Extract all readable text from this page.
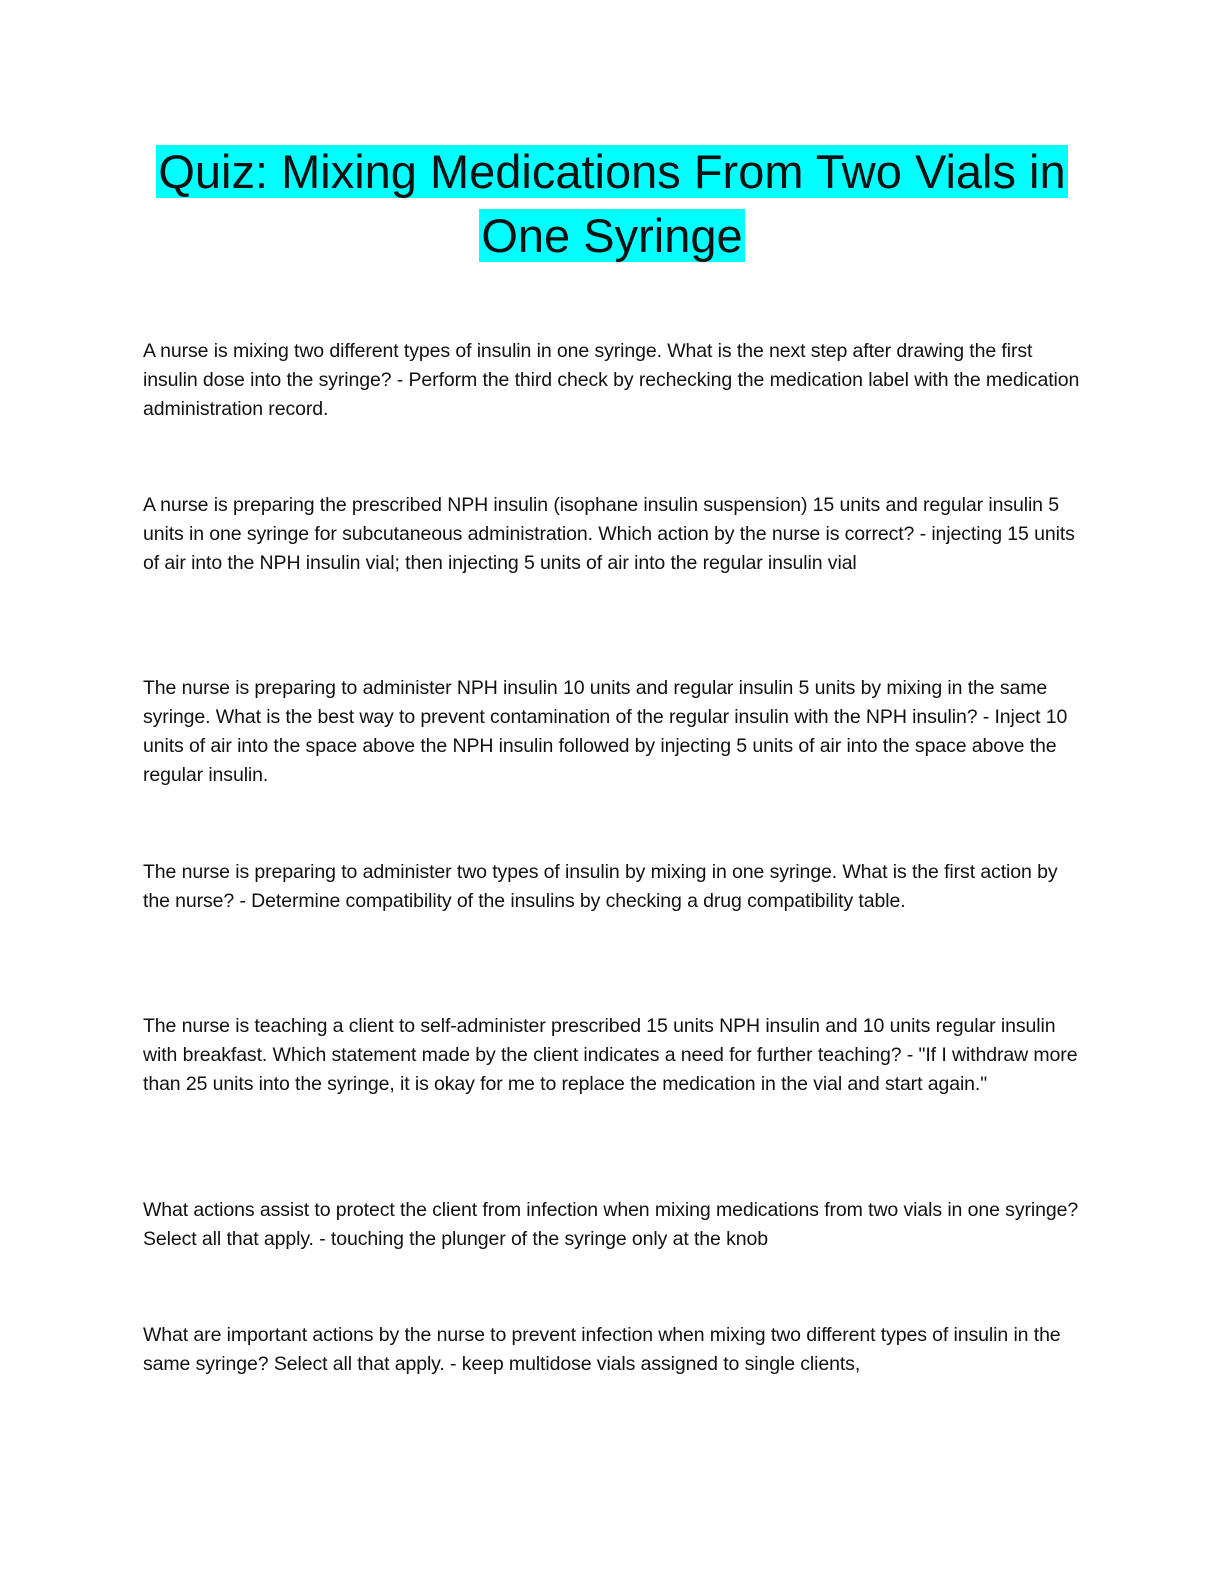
Quiz: Mixing Medications From Two Vials in
One Syringe

A nurse is mixing two different types of insulin in one syringe. What is the next step after drawing the first insulin dose into the syringe? - Perform the third check by rechecking the medication label with the medication administration record.

A nurse is preparing the prescribed NPH insulin (isophane insulin suspension) 15 units and regular insulin 5 units in one syringe for subcutaneous administration. Which action by the nurse is correct? - injecting 15 units of air into the NPH insulin vial; then injecting 5 units of air into the regular insulin vial

The nurse is preparing to administer NPH insulin 10 units and regular insulin 5 units by mixing in the same syringe. What is the best way to prevent contamination of the regular insulin with the NPH insulin? - Inject 10 units of air into the space above the NPH insulin followed by injecting 5 units of air into the space above the regular insulin.

The nurse is preparing to administer two types of insulin by mixing in one syringe. What is the first action by the nurse? - Determine compatibility of the insulins by checking a drug compatibility table.

The nurse is teaching a client to self-administer prescribed 15 units NPH insulin and 10 units regular insulin with breakfast. Which statement made by the client indicates a need for further teaching? - "If I withdraw more than 25 units into the syringe, it is okay for me to replace the medication in the vial and start again."

What actions assist to protect the client from infection when mixing medications from two vials in one syringe? Select all that apply. - touching the plunger of the syringe only at the knob

What are important actions by the nurse to prevent infection when mixing two different types of insulin in the same syringe? Select all that apply. - keep multidose vials assigned to single clients,
